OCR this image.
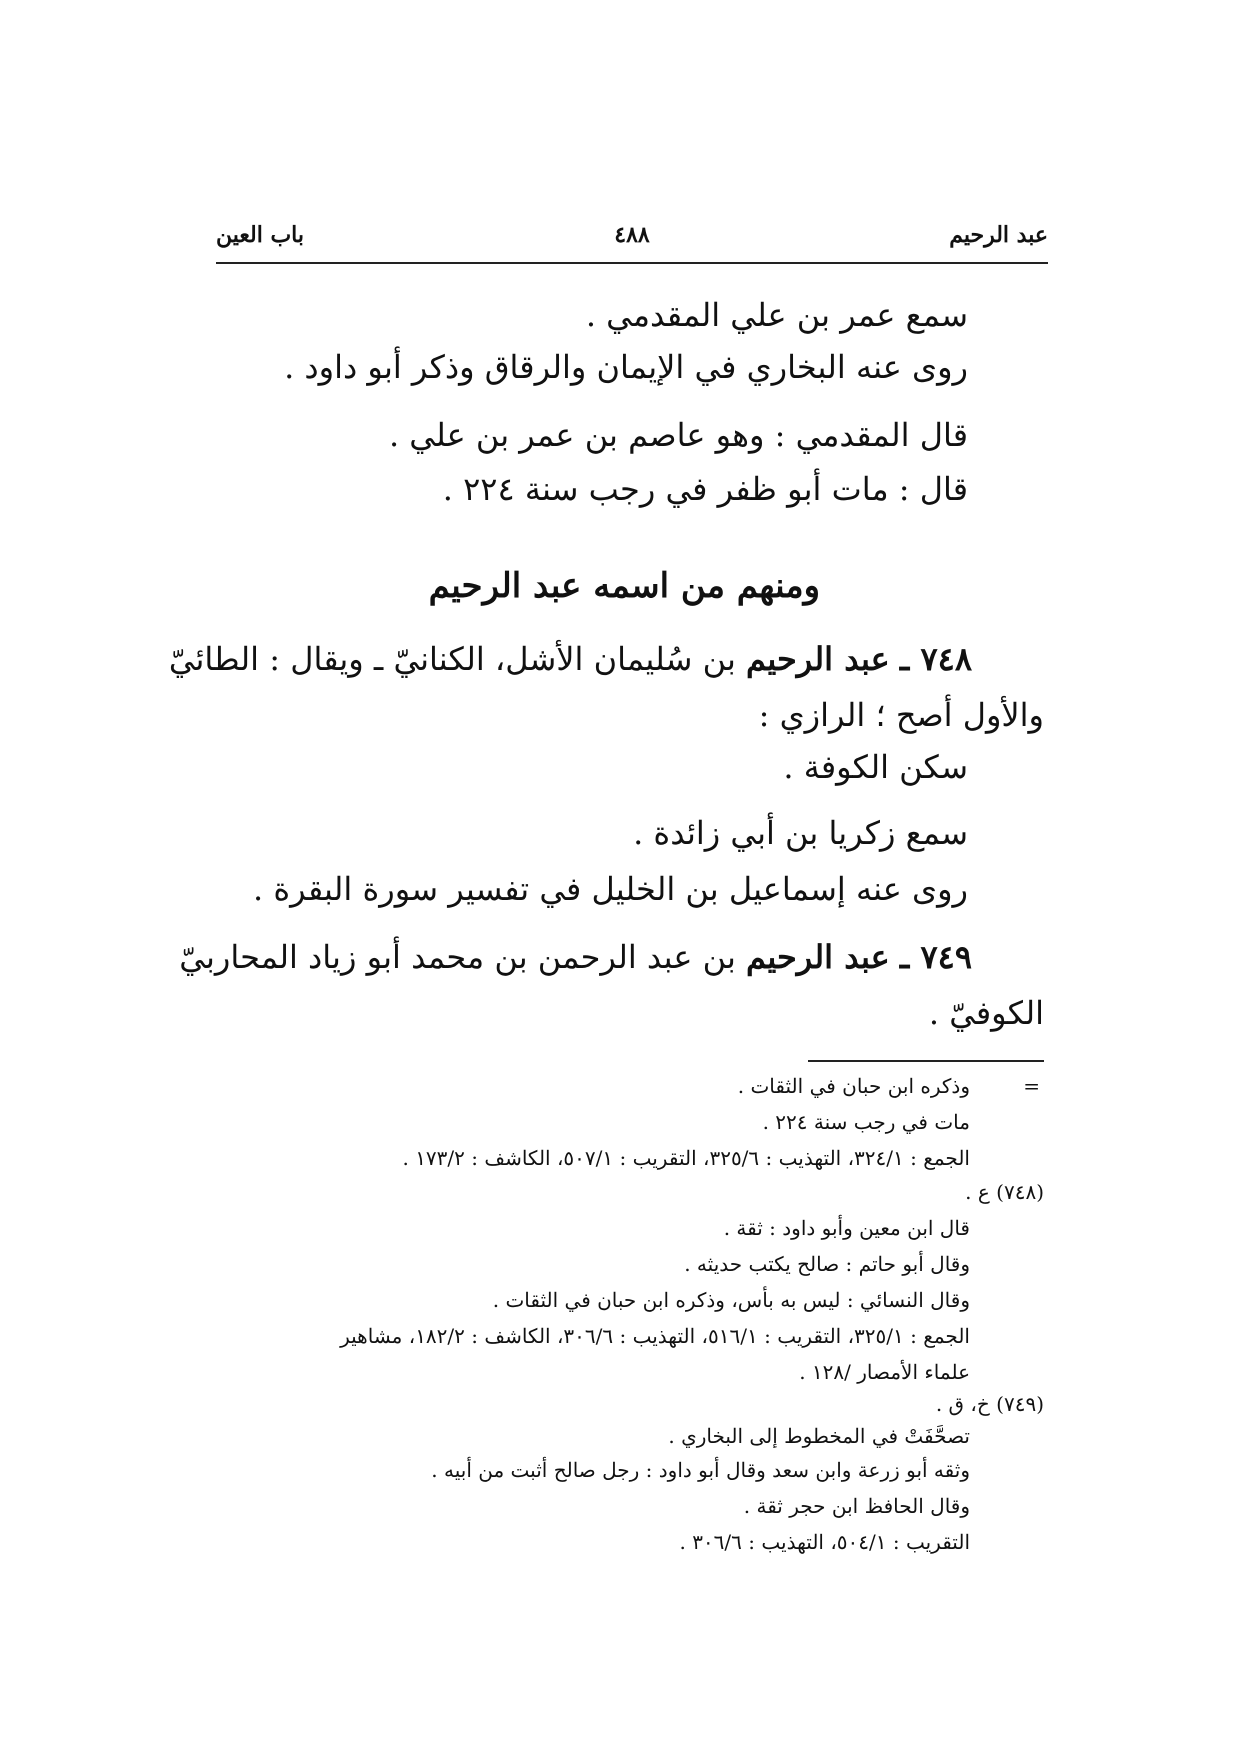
عبد الرحيم
٤٨٨
باب العين
سمع عمر بن علي المقدمي .
روى عنه البخاري في الإيمان والرقاق وذكر أبو داود .
قال المقدمي : وهو عاصم بن عمر بن علي .
قال : مات أبو ظفر في رجب سنة ٢٢٤ .
ومنهم من اسمه عبد الرحيم
٧٤٨ ـ عبد الرحيم بن سُليمان الأشل، الكنانيّ ـ ويقال : الطائيّ
والأول أصح ؛ الرازي :
سكن الكوفة .
سمع زكريا بن أبي زائدة .
روى عنه إسماعيل بن الخليل في تفسير سورة البقرة .
٧٤٩ ـ عبد الرحيم بن عبد الرحمن بن محمد أبو زياد المحاربيّ
الكوفيّ .
=
وذكره ابن حبان في الثقات .
مات في رجب سنة ٢٢٤ .
الجمع : ٣٢٤/١، التهذيب : ٣٢٥/٦، التقريب : ٥٠٧/١، الكاشف : ١٧٣/٢ .
(٧٤٨) ع .
قال ابن معين وأبو داود : ثقة .
وقال أبو حاتم : صالح يكتب حديثه .
وقال النسائي : ليس به بأس، وذكره ابن حبان في الثقات .
الجمع : ٣٢٥/١، التقريب : ٥١٦/١، التهذيب : ٣٠٦/٦، الكاشف : ١٨٢/٢، مشاهير
علماء الأمصار /١٢٨ .
(٧٤٩) خ، ق .
تصحَّفَتْ في المخطوط إلى البخاري .
وثقه أبو زرعة وابن سعد وقال أبو داود : رجل صالح أثبت من أبيه .
وقال الحافظ ابن حجر ثقة .
التقريب : ٥٠٤/١، التهذيب : ٣٠٦/٦ .
